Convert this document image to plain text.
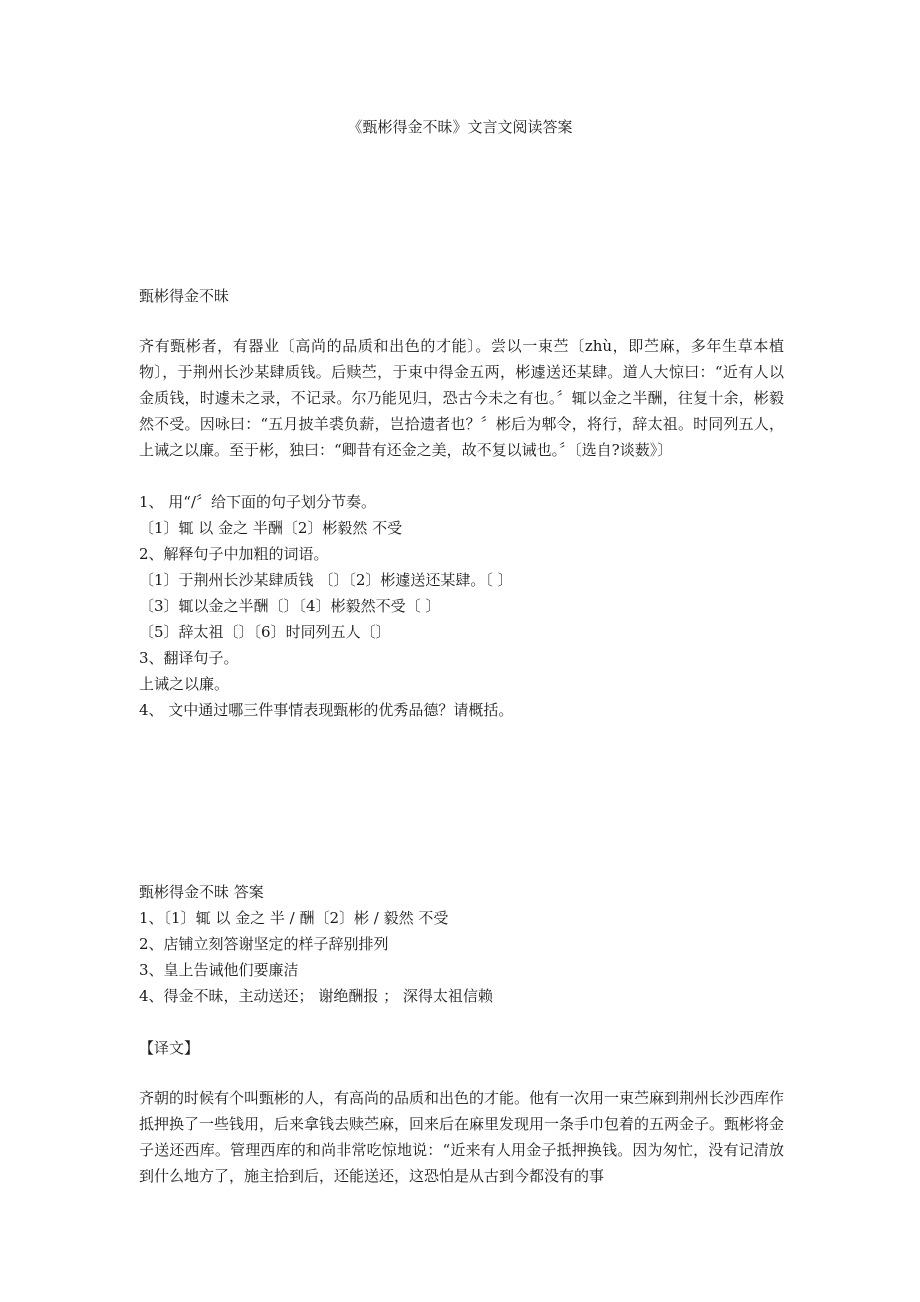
《甄彬得金不昧》文言文阅读答案
甄彬得金不昧
齐有甄彬者，有器业〔高尚的品质和出色的才能〕。尝以一束苎〔zhù，即苎麻，多年生草本植物〕，于荆州长沙某肆质钱。后赎苎，于束中得金五两，彬遽送还某肆。道人大惊曰：“近有人以金质钱，时遽未之录，不记录。尔乃能见归，恐古今未之有也。〞辄以金之半酬，往复十余，彬毅然不受。因咏曰：“五月披羊裘负薪，岂拾遗者也？〞彬后为郫令，将行，辞太祖。时同列五人，上诫之以廉。至于彬，独曰：“卿昔有还金之美，故不复以诫也。〞〔选自?谈薮》〕
1、 用“/〞给下面的句子划分节奏。
〔1〕辄 以 金之 半酬〔2〕彬毅然 不受
2、解释句子中加粗的词语。
〔1〕于荆州长沙某肆质钱 〔〕〔2〕彬遽送还某肆。〔 〕
〔3〕辄以金之半酬〔〕〔4〕彬毅然不受〔 〕
〔5〕辞太祖〔〕〔6〕时同列五人〔〕
3、翻译句子。
上诫之以廉。
4、 文中通过哪三件事情表现甄彬的优秀品德？请概括。
甄彬得金不昧 答案
1、〔1〕辄 以 金之 半 / 酬〔2〕彬 / 毅然 不受
2、店铺立刻答谢坚定的样子辞别排列
3、皇上告诫他们要廉洁
4、得金不昧，主动送还； 谢绝酬报 ； 深得太祖信赖
【译文】
齐朝的时候有个叫甄彬的人，有高尚的品质和出色的才能。他有一次用一束苎麻到荆州长沙西库作抵押换了一些钱用，后来拿钱去赎苎麻，回来后在麻里发现用一条手巾包着的五两金子。甄彬将金子送还西库。管理西库的和尚非常吃惊地说：“近来有人用金子抵押换钱。因为匆忙，没有记清放到什么地方了，施主拾到后，还能送还，这恐怕是从古到今都没有的事
